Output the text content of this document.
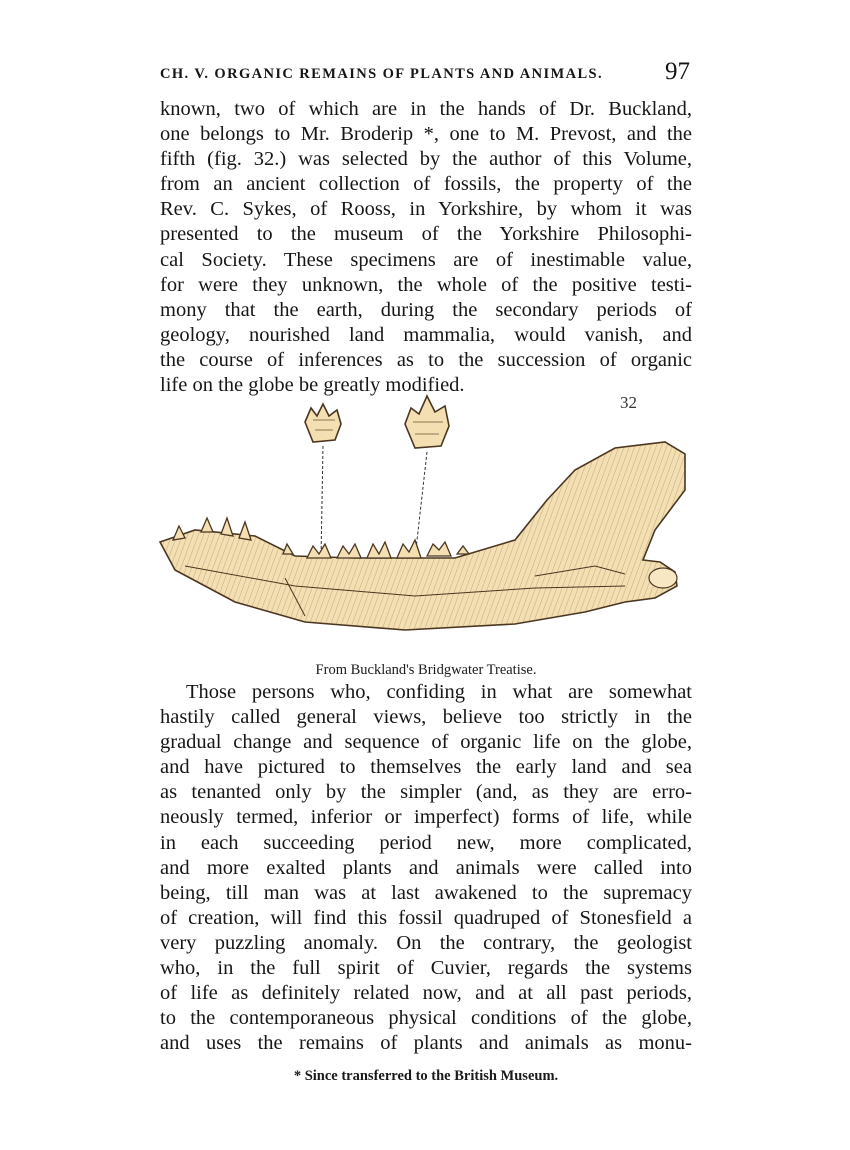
CH. V. ORGANIC REMAINS OF PLANTS AND ANIMALS. 97
known, two of which are in the hands of Dr. Buckland,
one belongs to Mr. Broderip *, one to M. Prevost, and the
fifth (fig. 32.) was selected by the author of this Volume,
from an ancient collection of fossils, the property of the
Rev. C. Sykes, of Rooss, in Yorkshire, by whom it was
presented to the museum of the Yorkshire Philosophi-
cal Society. These specimens are of inestimable value,
for were they unknown, the whole of the positive testi-
mony that the earth, during the secondary periods of
geology, nourished land mammalia, would vanish, and
the course of inferences as to the succession of organic
life on the globe be greatly modified.
32
From Buckland's Bridgwater Treatise.
Those persons who, confiding in what are somewhat
hastily called general views, believe too strictly in the
gradual change and sequence of organic life on the globe,
and have pictured to themselves the early land and sea
as tenanted only by the simpler (and, as they are erro-
neously termed, inferior or imperfect) forms of life, while
in each succeeding period new, more complicated,
and more exalted plants and animals were called into
being, till man was at last awakened to the supremacy
of creation, will find this fossil quadruped of Stonesfield a
very puzzling anomaly. On the contrary, the geologist
who, in the full spirit of Cuvier, regards the systems
of life as definitely related now, and at all past periods,
to the contemporaneous physical conditions of the globe,
and uses the remains of plants and animals as monu-
* Since transferred to the British Museum.
